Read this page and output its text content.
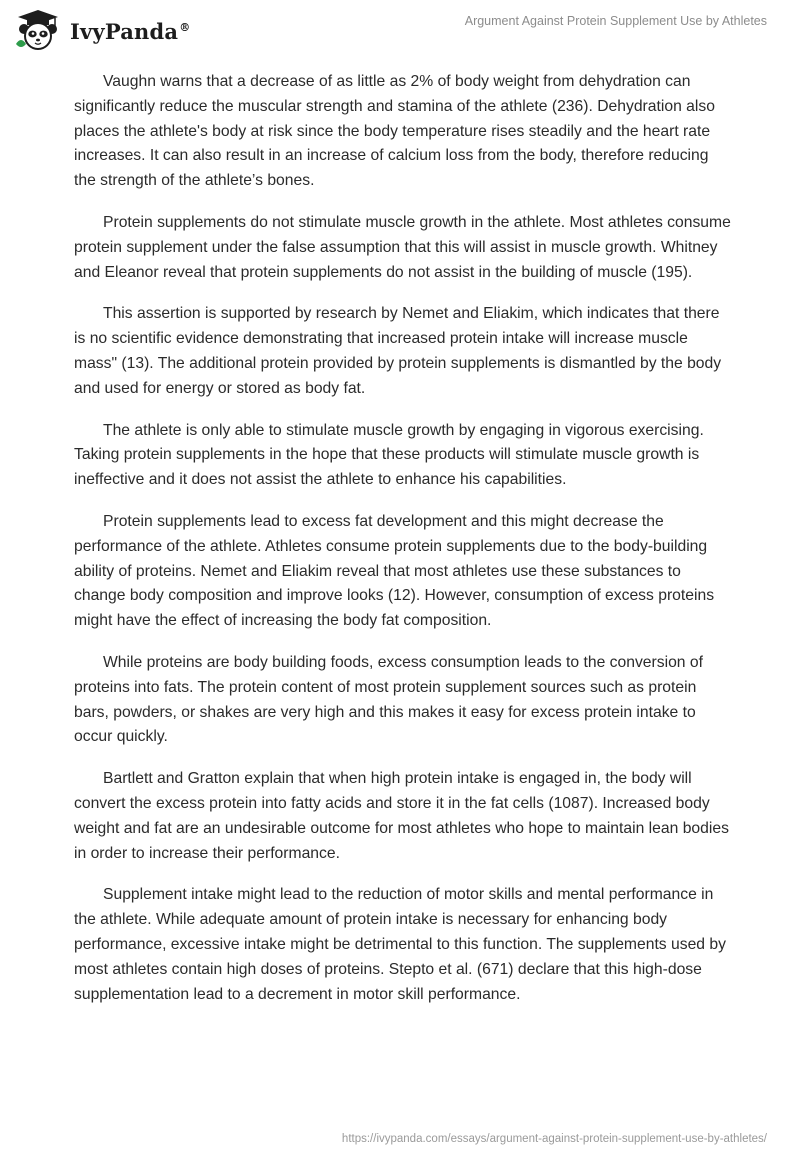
IvyPanda®	Argument Against Protein Supplement Use by Athletes

Vaughn warns that a decrease of as little as 2% of body weight from dehydration can significantly reduce the muscular strength and stamina of the athlete (236). Dehydration also places the athlete's body at risk since the body temperature rises steadily and the heart rate increases. It can also result in an increase of calcium loss from the body, therefore reducing the strength of the athlete’s bones.

Protein supplements do not stimulate muscle growth in the athlete. Most athletes consume protein supplement under the false assumption that this will assist in muscle growth. Whitney and Eleanor reveal that protein supplements do not assist in the building of muscle (195).

This assertion is supported by research by Nemet and Eliakim, which indicates that there is no scientific evidence demonstrating that increased protein intake will increase muscle mass" (13). The additional protein provided by protein supplements is dismantled by the body and used for energy or stored as body fat.

The athlete is only able to stimulate muscle growth by engaging in vigorous exercising. Taking protein supplements in the hope that these products will stimulate muscle growth is ineffective and it does not assist the athlete to enhance his capabilities.

Protein supplements lead to excess fat development and this might decrease the performance of the athlete. Athletes consume protein supplements due to the body-building ability of proteins. Nemet and Eliakim reveal that most athletes use these substances to change body composition and improve looks (12). However, consumption of excess proteins might have the effect of increasing the body fat composition.

While proteins are body building foods, excess consumption leads to the conversion of proteins into fats. The protein content of most protein supplement sources such as protein bars, powders, or shakes are very high and this makes it easy for excess protein intake to occur quickly.

Bartlett and Gratton explain that when high protein intake is engaged in, the body will convert the excess protein into fatty acids and store it in the fat cells (1087). Increased body weight and fat are an undesirable outcome for most athletes who hope to maintain lean bodies in order to increase their performance.

Supplement intake might lead to the reduction of motor skills and mental performance in the athlete. While adequate amount of protein intake is necessary for enhancing body performance, excessive intake might be detrimental to this function. The supplements used by most athletes contain high doses of proteins. Stepto et al. (671) declare that this high-dose supplementation lead to a decrement in motor skill performance.

https://ivypanda.com/essays/argument-against-protein-supplement-use-by-athletes/
